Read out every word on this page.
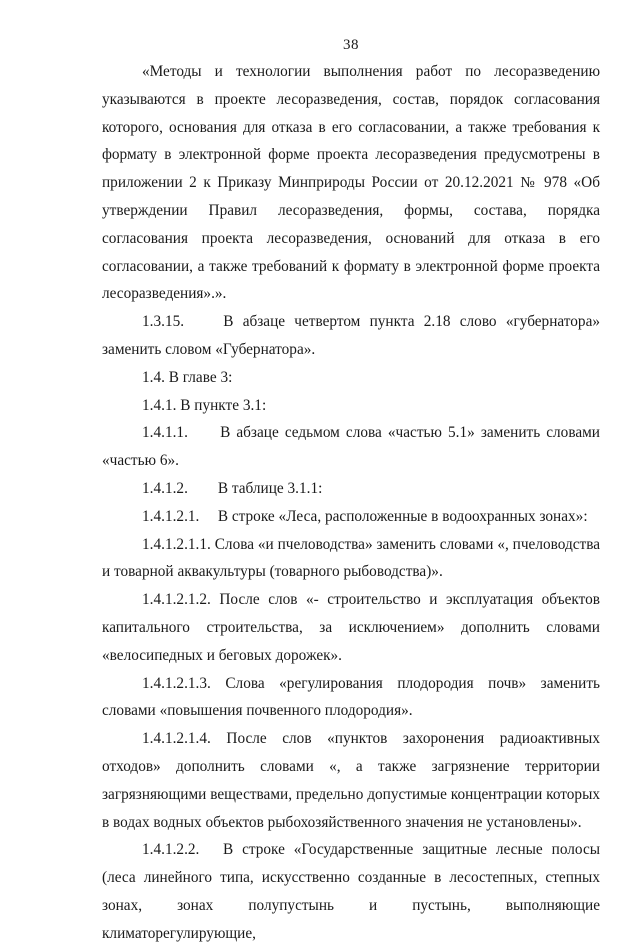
38

«Методы и технологии выполнения работ по лесоразведению указываются в проекте лесоразведения, состав, порядок согласования которого, основания для отказа в его согласовании, а также требования к формату в электронной форме проекта лесоразведения предусмотрены в приложении 2 к Приказу Минприроды России от 20.12.2021 № 978 «Об утверждении Правил лесоразведения, формы, состава, порядка согласования проекта лесоразведения, оснований для отказа в его согласовании, а также требований к формату в электронной форме проекта лесоразведения».».

1.3.15.	В абзаце четвертом пункта 2.18 слово «губернатора» заменить словом «Губернатора».

1.4. В главе 3:

1.4.1. В пункте 3.1:

1.4.1.1. В абзаце седьмом слова «частью 5.1» заменить словами «частью 6».

1.4.1.2. В таблице 3.1.1:

1.4.1.2.1. В строке «Леса, расположенные в водоохранных зонах»:

1.4.1.2.1.1. Слова «и пчеловодства» заменить словами «, пчеловодства и товарной аквакультуры (товарного рыбоводства)».

1.4.1.2.1.2. После слов «- строительство и эксплуатация объектов капитального строительства, за исключением» дополнить словами «велосипедных и беговых дорожек».

1.4.1.2.1.3. Слова «регулирования плодородия почв» заменить словами «повышения почвенного плодородия».

1.4.1.2.1.4. После слов «пунктов захоронения радиоактивных отходов» дополнить словами «, а также загрязнение территории загрязняющими веществами, предельно допустимые концентрации которых в водах водных объектов рыбохозяйственного значения не установлены».

1.4.1.2.2. В строке «Государственные защитные лесные полосы (леса линейного типа, искусственно созданные в лесостепных, степных зонах, зонах полупустынь и пустынь, выполняющие климаторегулирующие,
